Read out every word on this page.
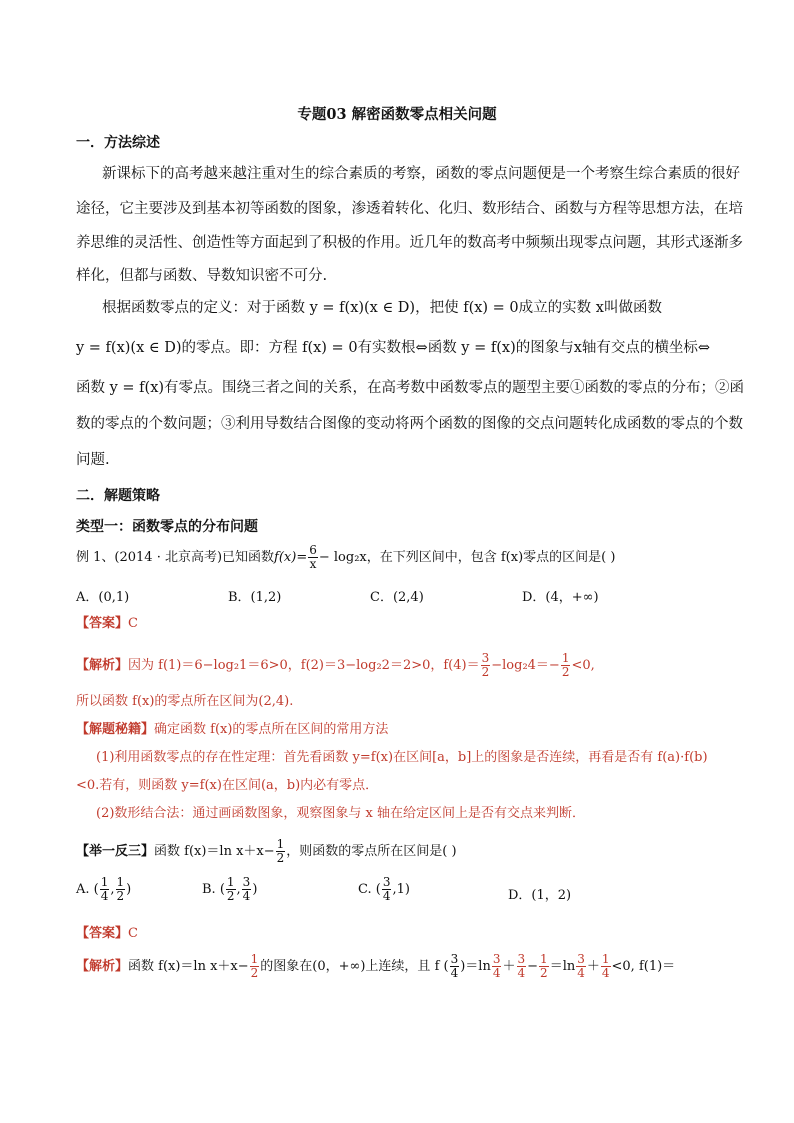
专题03 解密函数零点相关问题
一．方法综述
新课标下的高考越来越注重对生的综合素质的考察，函数的零点问题便是一个考察生综合素质的很好
途径，它主要涉及到基本初等函数的图象，渗透着转化、化归、数形结合、函数与方程等思想方法，在培
养思维的灵活性、创造性等方面起到了积极的作用。近几年的数高考中频频出现零点问题，其形式逐渐多
样化，但都与函数、导数知识密不可分.
根据函数零点的定义：对于函数 y = f(x)(x ∈ D)，把使 f(x) = 0成立的实数 x叫做函数
y = f(x)(x ∈ D)的零点。即：方程 f(x) = 0有实数根⇔函数 y = f(x)的图象与x轴有交点的横坐标⇔
函数 y = f(x)有零点。围绕三者之间的关系，在高考数中函数零点的题型主要①函数的零点的分布；②函
数的零点的个数问题；③利用导数结合图像的变动将两个函数的图像的交点问题转化成函数的零点的个数
问题.
二．解题策略
类型一：函数零点的分布问题
例 1、(2014 · 北京高考)已知函数$f(x)= \frac{6}{x} - \log_2x$，在下列区间中，包含 f(x)零点的区间是( )
A．(0,1)	B．(1,2)	C．(2,4)	D．(4，+∞)
【答案】C
【解析】因为 f(1)＝6−log₂1＝6>0，f(2)＝3−log₂2＝2>0，$f(4)= \frac{3}{2} -\log_24=- \frac{1}{2} <0$,
所以函数 f(x)的零点所在区间为(2,4).
【解题秘籍】确定函数 f(x)的零点所在区间的常用方法
(1)利用函数零点的存在性定理：首先看函数 y=f(x)在区间[a，b]上的图象是否连续，再看是否有 f(a)·f(b)
<0.若有，则函数 y=f(x)在区间(a，b)内必有零点．
(2)数形结合法：通过画函数图象，观察图象与 x 轴在给定区间上是否有交点来判断．
【举一反三】函数 f(x)＝ln $x+x- \frac{1}{2}$ ，则函数的零点所在区间是( )
A. ( $\frac{1}{4}$ , $\frac{1}{2}$ )	B. ( $\frac{1}{2}$ , $\frac{3}{4}$ )	C. ( $\frac{3}{4} ,1$)	D．(1，2)
【答案】C
【解析】函数 f(x)＝ln $x+x- \frac{1}{2}$ 的图象在(0，+∞)上连续，且 f ( $\frac{3}{4} )=\ln \frac{3}{4} + \frac{3}{4} - \frac{1}{2} =\ln \frac{3}{4} + \frac{1}{4} <0$, f(1)＝
